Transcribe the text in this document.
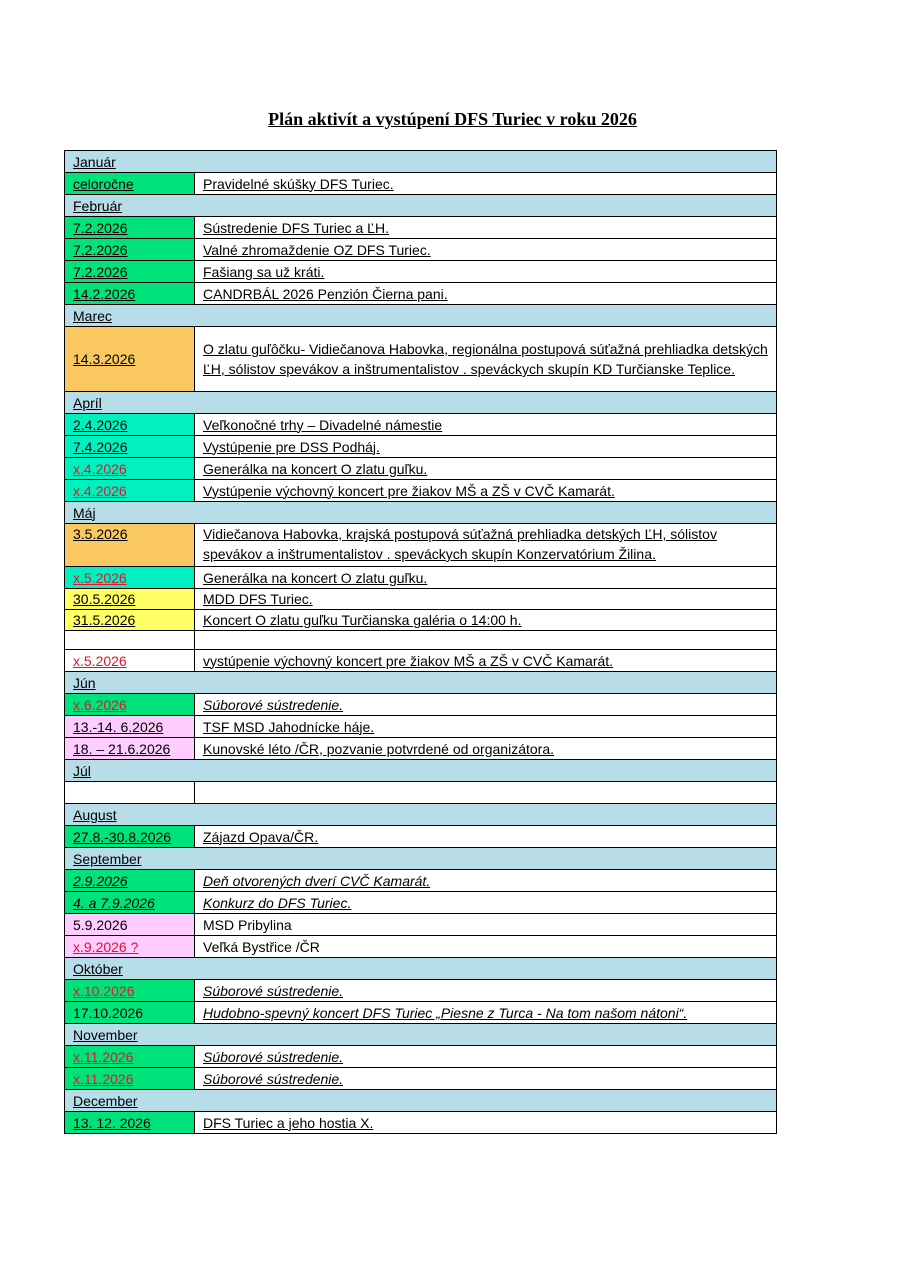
Plán aktivít a vystúpení DFS Turiec v roku 2026
Január	
celoročne	Pravidelné skúšky DFS Turiec.
Február	
7.2.2026	Sústredenie DFS Turiec a ĽH.
7.2.2026	Valné zhromaždenie OZ DFS Turiec.
7.2.2026	Fašiang sa už kráti.
14.2.2026	CANDRBÁL 2026 Penzión Čierna pani.
Marec	
14.3.2026	O zlatu guľôčku- Vidiečanova Habovka, regionálna postupová súťažná prehliadka detských ĽH, sólistov spevákov a inštrumentalistov . speváckych skupín KD Turčianske Teplice.
Apríl	
2.4.2026	Veľkonočné trhy – Divadelné námestie
7.4.2026	Vystúpenie pre DSS Podháj.
x.4.2026	Generálka na koncert O zlatu guľku.
x.4.2026	Vystúpenie výchovný koncert pre žiakov MŠ a ZŠ v CVČ Kamarát.
Máj	
3.5.2026	Vidiečanova Habovka, krajská postupová súťažná prehliadka detských ĽH, sólistov spevákov a inštrumentalistov . speváckych skupín Konzervatórium Žilina.

x.5.2026	Generálka na koncert O zlatu guľku.
30.5.2026	MDD DFS Turiec.
31.5.2026	Koncert O zlatu guľku Turčianska galéria o 14:00 h.

x.5.2026	vystúpenie výchovný koncert pre žiakov MŠ a ZŠ v CVČ Kamarát.
Jún	
x.6.2026	Súborové sústredenie.
13.-14. 6.2026	TSF MSD Jahodnícke háje.
18. – 21.6.2026	Kunovské léto /ČR, pozvanie potvrdené od organizátora.
Júl	

August	
27.8.-30.8.2026	Zájazd Opava/ČR.
September	
2.9.2026	Deň otvorených dverí CVČ Kamarát.
4. a 7.9.2026	Konkurz do DFS Turiec.
5.9.2026	MSD Pribylina
x.9.2026 ?	Veľká Bystřice /ČR
Október	
x.10.2026	Súborové sústredenie.
17.10.2026	Hudobno-spevný koncert DFS Turiec „Piesne z Turca - Na tom našom nátoni“.
November	
x.11.2026	Súborové sústredenie.
x.11.2026	Súborové sústredenie.
December	
13. 12. 2026	DFS Turiec a jeho hostia X.
